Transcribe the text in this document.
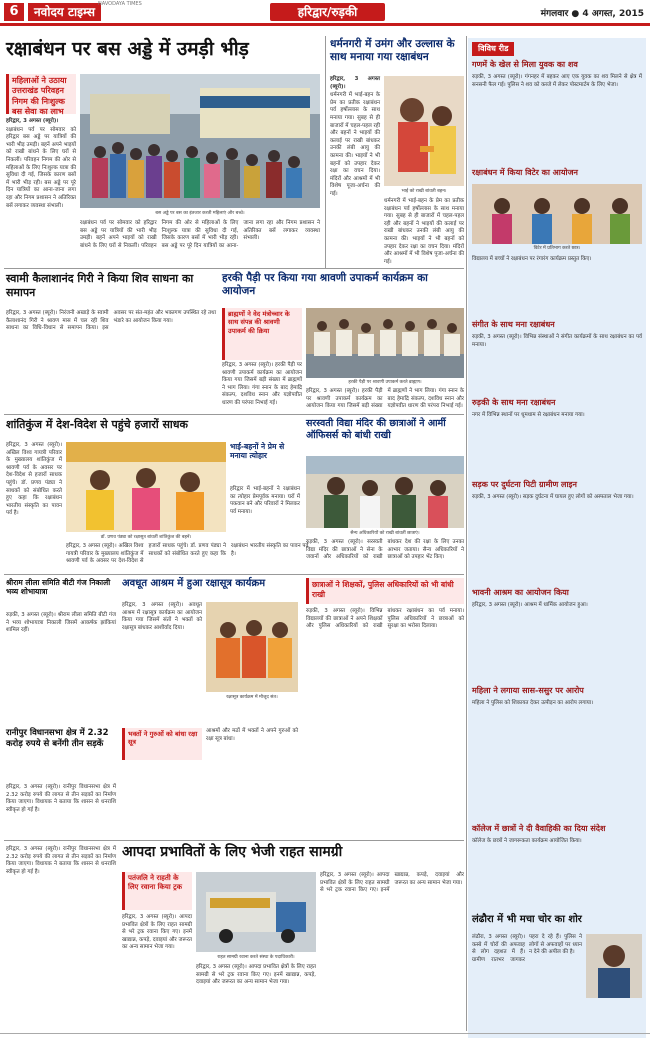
6	नवोदय टाइम्स
NAVODAYA TIMES
हरिद्वार/रुड़की	मंगलवार ● 4 अगस्त, 2015
रक्षाबंधन पर बस अड्डे में उमड़ी भीड़
महिलाओं ने उठाया उत्तराखंड परिवहन निगम की निःशुल्क बस सेवा का लाभ

हरिद्वार, 3 अगस्त (ब्यूरो)।

रक्षाबंधन पर्व पर सोमवार को हरिद्वार बस अड्डे पर यात्रियों की भारी भीड़ उमड़ी। बहनें अपने भाइयों को राखी बांधने के लिए घरों से निकलीं। परिवहन निगम की ओर से महिलाओं के लिए निःशुल्क यात्रा की सुविधा दी गई, जिसके कारण बसों में भारी भीड़ रही। बस अड्डे पर पूरे दिन यात्रियों का आना-जाना लगा रहा और निगम प्रशासन ने अतिरिक्त बसें लगाकर व्यवस्था संभाली।

बस अड्डे पर बस का इंतजार करती महिलाएं और बच्चे।
रक्षाबंधन पर्व पर सोमवार को हरिद्वार बस अड्डे पर यात्रियों की भारी भीड़ उमड़ी। बहनें अपने भाइयों को राखी बांधने के लिए घरों से निकलीं। परिवहन निगम की ओर से महिलाओं के लिए निःशुल्क यात्रा की सुविधा दी गई, जिसके कारण बसों में भारी भीड़ रही। बस अड्डे पर पूरे दिन यात्रियों का आना-जाना लगा रहा और निगम प्रशासन ने अतिरिक्त बसें लगाकर व्यवस्था संभाली।
धर्मनगरी में उमंग और उल्लास के साथ मनाया गया रक्षाबंधन

हरिद्वार, 3 अगस्त (ब्यूरो)।

धर्मनगरी में भाई-बहन के प्रेम का प्रतीक रक्षाबंधन पर्व हर्षोल्लास के साथ मनाया गया। सुबह से ही बाजारों में चहल-पहल रही और बहनों ने भाइयों की कलाई पर राखी बांधकर उनकी लंबी आयु की कामना की। भाइयों ने भी बहनों को उपहार देकर रक्षा का वचन दिया। मंदिरों और आश्रमों में भी विशेष पूजा-अर्चना की गई।	भाई को राखी बांधती बहन।
धर्मनगरी में भाई-बहन के प्रेम का प्रतीक रक्षाबंधन पर्व हर्षोल्लास के साथ मनाया गया। सुबह से ही बाजारों में चहल-पहल रही और बहनों ने भाइयों की कलाई पर राखी बांधकर उनकी लंबी आयु की कामना की। भाइयों ने भी बहनों को उपहार देकर रक्षा का वचन दिया। मंदिरों और आश्रमों में भी विशेष पूजा-अर्चना की गई।
स्वामी कैलाशानंद गिरी ने किया शिव साधना का समापन
हरिद्वार, 3 अगस्त (ब्यूरो)। निरंजनी अखाड़े के स्वामी कैलाशानंद गिरी ने श्रावण मास में चल रही शिव साधना का विधि-विधान से समापन किया। इस अवसर पर संत-महंत और भक्तगण उपस्थित रहे तथा भंडारे का आयोजन किया गया।
हरकी पैड़ी पर किया गया श्रावणी उपाकर्म कार्यक्रम का आयोजन
ब्राह्मणों ने वेद मंत्रोच्चार के साथ संपन्न की श्रावणी उपाकर्म की क्रिया
हरिद्वार, 3 अगस्त (ब्यूरो)। हरकी पैड़ी पर श्रावणी उपाकर्म कार्यक्रम का आयोजन किया गया जिसमें बड़ी संख्या में ब्राह्मणों ने भाग लिया। गंगा स्नान के बाद हेमाद्रि संकल्प, दशविध स्नान और यज्ञोपवीत धारण की परंपरा निभाई गई।
हरकी पैड़ी पर श्रावणी उपाकर्म करते ब्राह्मण।
हरिद्वार, 3 अगस्त (ब्यूरो)। हरकी पैड़ी पर श्रावणी उपाकर्म कार्यक्रम का आयोजन किया गया जिसमें बड़ी संख्या में ब्राह्मणों ने भाग लिया। गंगा स्नान के बाद हेमाद्रि संकल्प, दशविध स्नान और यज्ञोपवीत धारण की परंपरा निभाई गई।
शांतिकुंज में देश-विदेश से पहुंचे हजारों साधक
हरिद्वार, 3 अगस्त (ब्यूरो)। अखिल विश्व गायत्री परिवार के मुख्यालय शांतिकुंज में श्रावणी पर्व के अवसर पर देश-विदेश से हजारों साधक पहुंचे। डॉ. प्रणव पंड्या ने साधकों को संबोधित करते हुए कहा कि रक्षाबंधन भारतीय संस्कृति का पावन पर्व है।
डॉ. प्रणव पंड्या को रक्षासूत्र बांधतीं शांतिकुंज की बहनें।
हरिद्वार, 3 अगस्त (ब्यूरो)। अखिल विश्व गायत्री परिवार के मुख्यालय शांतिकुंज में श्रावणी पर्व के अवसर पर देश-विदेश से हजारों साधक पहुंचे। डॉ. प्रणव पंड्या ने साधकों को संबोधित करते हुए कहा कि रक्षाबंधन भारतीय संस्कृति का पावन पर्व है।
भाई-बहनों ने प्रेम से मनाया त्योहार
हरिद्वार में भाई-बहनों ने रक्षाबंधन का त्योहार प्रेमपूर्वक मनाया। घरों में पकवान बने और परिवारों ने मिलकर पर्व मनाया।
सरस्वती विद्या मंदिर की छात्राओं ने आर्मी ऑफिसर्स को बांधी राखी
सैन्य अधिकारियों को राखी बांधतीं छात्राएं।
रुड़की, 3 अगस्त (ब्यूरो)। सरस्वती विद्या मंदिर की छात्राओं ने सेना के जवानों और अधिकारियों को राखी बांधकर देश की रक्षा के लिए उनका आभार जताया। सैन्य अधिकारियों ने छात्राओं को उपहार भेंट किए।
श्रीराम लीला समिति बीटी गंज निकाली भव्य शोभायात्रा
रुड़की, 3 अगस्त (ब्यूरो)। श्रीराम लीला समिति बीटी गंज ने भव्य शोभायात्रा निकाली जिसमें आकर्षक झांकियां शामिल रहीं।
अवधूत आश्रम में हुआ रक्षासूत्र कार्यक्रम
हरिद्वार, 3 अगस्त (ब्यूरो)। अवधूत आश्रम में रक्षासूत्र कार्यक्रम का आयोजन किया गया जिसमें संतों ने भक्तों को रक्षासूत्र बांधकर आशीर्वाद दिया।
रक्षासूत्र कार्यक्रम में मौजूद संत।
भक्तों ने गुरुओं को बांधा रक्षा सूत्र
आश्रमों और मठों में भक्तों ने अपने गुरुओं को रक्षा सूत्र बांधा।
छात्राओं ने शिक्षकों, पुलिस अधिकारियों को भी बांधी राखी
रुड़की, 3 अगस्त (ब्यूरो)। विभिन्न विद्यालयों की छात्राओं ने अपने शिक्षकों और पुलिस अधिकारियों को राखी बांधकर रक्षाबंधन का पर्व मनाया। पुलिस अधिकारियों ने छात्राओं को सुरक्षा का भरोसा दिलाया।
रानीपुर विधानसभा क्षेत्र में 2.32 करोड़ रुपये से बनेंगी तीन सड़कें
हरिद्वार, 3 अगस्त (ब्यूरो)। रानीपुर विधानसभा क्षेत्र में 2.32 करोड़ रुपये की लागत से तीन सड़कों का निर्माण किया जाएगा। विधायक ने बताया कि शासन से धनराशि स्वीकृत हो गई है।
आपदा प्रभावितों के लिए भेजी राहत सामग्री
हरिद्वार, 3 अगस्त (ब्यूरो)। रानीपुर विधानसभा क्षेत्र में 2.32 करोड़ रुपये की लागत से तीन सड़कों का निर्माण किया जाएगा। विधायक ने बताया कि शासन से धनराशि स्वीकृत हो गई है।
पतंजलि ने राहती के लिए रवाना किया ट्रक
हरिद्वार, 3 अगस्त (ब्यूरो)। आपदा प्रभावित क्षेत्रों के लिए राहत सामग्री से भरे ट्रक रवाना किए गए। इनमें खाद्यान्न, कपड़े, दवाइयां और जरूरत का अन्य सामान भेजा गया।
राहत सामग्री रवाना करते संस्था के पदाधिकारी।
हरिद्वार, 3 अगस्त (ब्यूरो)। आपदा प्रभावित क्षेत्रों के लिए राहत सामग्री से भरे ट्रक रवाना किए गए। इनमें खाद्यान्न, कपड़े, दवाइयां और जरूरत का अन्य सामान भेजा गया।
हरिद्वार, 3 अगस्त (ब्यूरो)। आपदा प्रभावित क्षेत्रों के लिए राहत सामग्री से भरे ट्रक रवाना किए गए। इनमें खाद्यान्न, कपड़े, दवाइयां और जरूरत का अन्य सामान भेजा गया।
विविध रीड
गणमें के खेल से मिला युवक का शव
रुड़की, 3 अगस्त (ब्यूरो)। गंगनहर में बहकर आए एक युवक का शव मिलने से क्षेत्र में सनसनी फैल गई। पुलिस ने शव को कब्जे में लेकर पोस्टमार्टम के लिए भेजा।
रक्षाबंधन में किया विटेर का आयोजन
विटेर में प्रतिभाग करते छात्र।
विद्यालय में बच्चों ने रक्षाबंधन पर रंगारंग कार्यक्रम प्रस्तुत किए।
संगीत के साथ मना रक्षाबंधन
रुड़की, 3 अगस्त (ब्यूरो)। विभिन्न संस्थाओं ने संगीत कार्यक्रमों के साथ रक्षाबंधन का पर्व मनाया।
रुड़की के साथ मना रक्षाबंधन
नगर में विभिन्न स्थानों पर धूमधाम से रक्षाबंधन मनाया गया।
सड़क पर दुर्घटना पिटी ग्रामीण लाइन
रुड़की, 3 अगस्त (ब्यूरो)। सड़क दुर्घटना में घायल हुए लोगों को अस्पताल भेजा गया।
भावनी आश्रम का आयोजन किया
हरिद्वार, 3 अगस्त (ब्यूरो)। आश्रम में धार्मिक आयोजन हुआ।
महिला ने लगाया सास-ससुर पर आरोप
महिला ने पुलिस को शिकायत देकर उत्पीड़न का आरोप लगाया।
कॉलेज में छात्रों ने दी वैवाहिकी का दिया संदेश
कॉलेज के छात्रों ने जागरूकता कार्यक्रम आयोजित किया।
लंढौरा में भी मचा चोर का शोर
लंढौरा, 3 अगस्त (ब्यूरो)। कस्बे में चोरों की अफवाह से लोग दहशत में हैं। ग्रामीण रातभर जागकर पहरा दे रहे हैं। पुलिस ने लोगों से अफवाहों पर ध्यान न देने की अपील की है।
